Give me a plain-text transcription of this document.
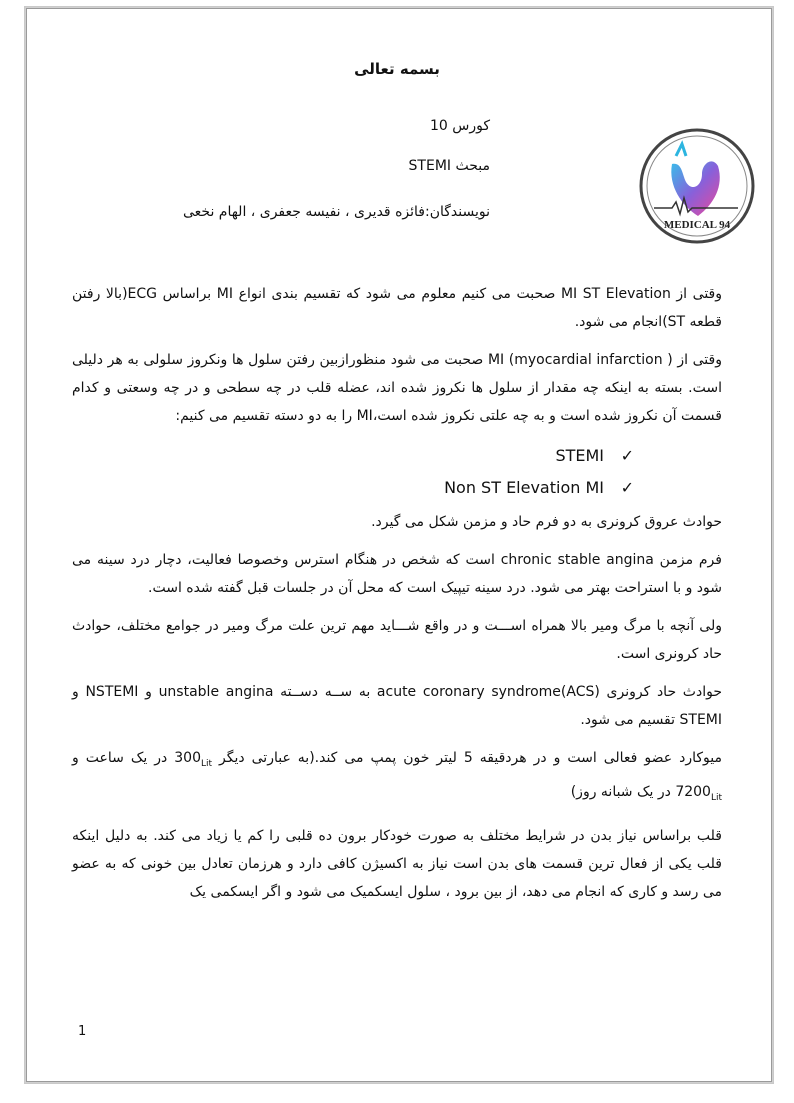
بسمه تعالی
کورس 10
مبحث STEMI
نویسندگان:فائزه قدیری ، نفیسه جعفری ، الهام نخعی
MEDICAL 94

وقتی از MI ST Elevation صحبت می کنیم معلوم می شود که تقسیم بندی انواع MI براساس ECG(بالا رفتن قطعه ST)انجام می شود.

وقتی از MI (myocardial infarction ) صحبت می شود منظورازبین رفتن سلول ها ونکروز سلولی به هر دلیلی است. بسته به اینکه چه مقدار از سلول ها نکروز شده اند، عضله قلب در چه سطحی و در چه وسعتی و کدام قسمت آن نکروز شده است و به چه علتی نکروز شده است،MI را به دو دسته تقسیم می کنیم:

✓STEMI
✓Non ST Elevation MI

حوادث عروق کرونری به دو فرم حاد و مزمن شکل می گیرد.

فرم مزمن chronic stable angina است که شخص در هنگام استرس وخصوصا فعالیت، دچار درد سینه می شود و با استراحت بهتر می شود. درد سینه تیپیک است که محل آن در جلسات قبل گفته شده است.

ولی آنچه با مرگ ومیر بالا همراه اســـت و در واقع شـــاید مهم ترین علت مرگ ومیر در جوامع مختلف، حوادث حاد کرونری است.

حوادث حاد کرونری acute coronary syndrome(ACS) به ســه دســته unstable angina و NSTEMI و STEMI تقسیم می شود.

میوکارد عضو فعالی است و در هردقیقه 5 لیتر خون پمپ می کند.(به عبارتی دیگر $300_{Lit}$ در یک ساعت و $7200_{Lit}$ در یک شبانه روز)

قلب براساس نیاز بدن در شرایط مختلف به صورت خودکار برون ده قلبی را کم یا زیاد می کند. به دلیل اینکه قلب یکی از فعال ترین قسمت های بدن است نیاز به اکسیژن کافی دارد و هرزمان تعادل بین خونی که به عضو می رسد و کاری که انجام می دهد، از بین برود ، سلول ایسکمیک می شود و اگر ایسکمی یک

1
